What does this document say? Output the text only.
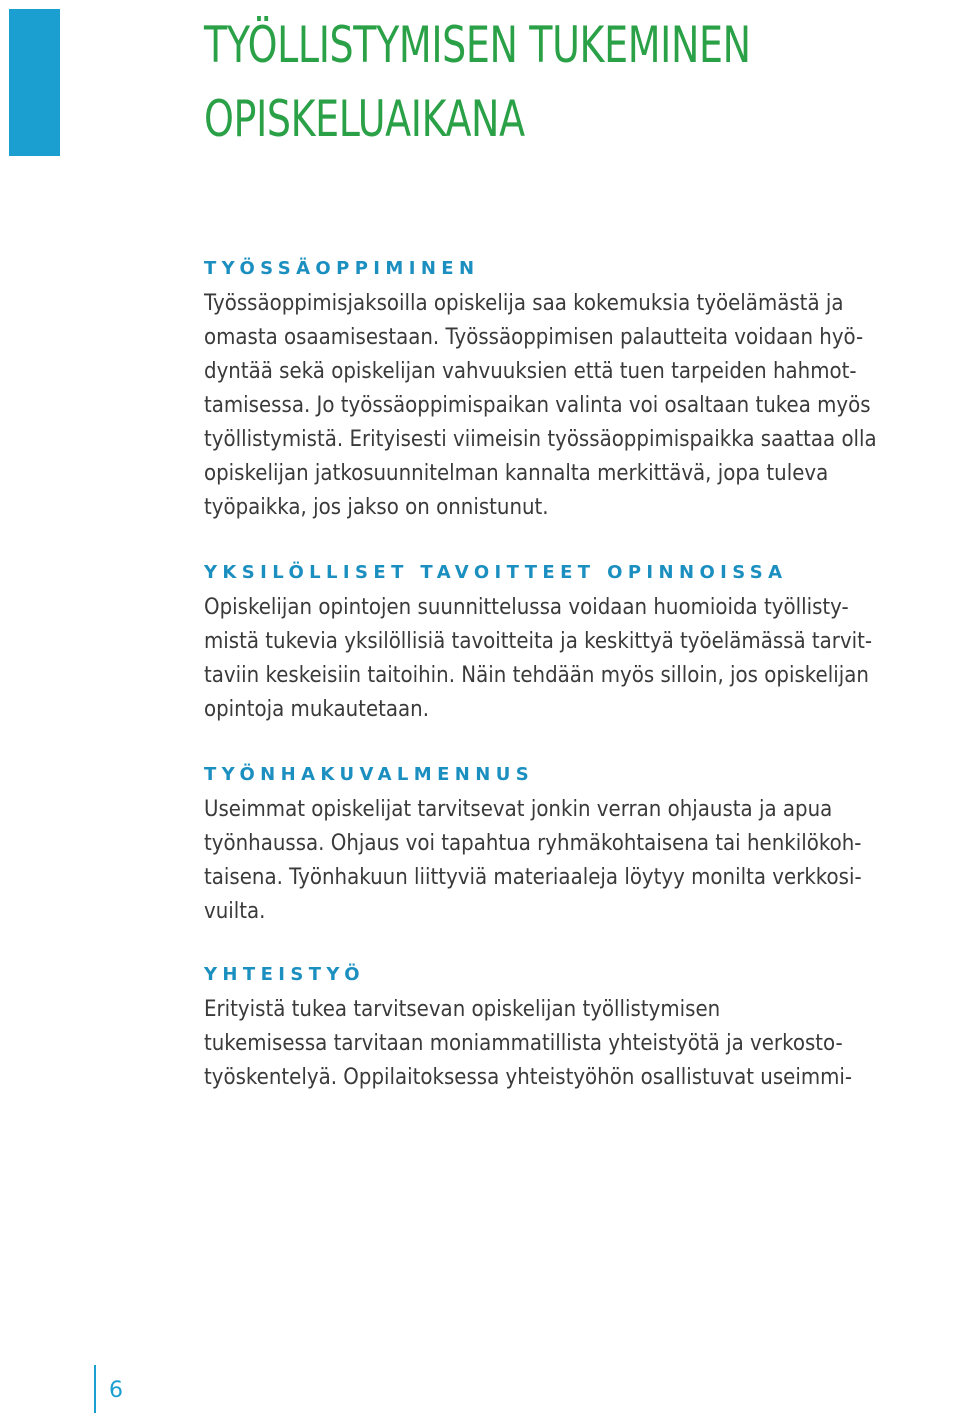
TYÖLLISTYMISEN TUKEMINEN
OPISKELUAIKANA
TYÖSSÄOPPIMINEN

Työssäoppimisjaksoilla opiskelija saa kokemuksia työelämästä ja
omasta osaamisestaan. Työssäoppimisen palautteita voidaan hyö-
dyntää sekä opiskelijan vahvuuksien että tuen tarpeiden hahmot-
tamisessa. Jo työssäoppimispaikan valinta voi osaltaan tukea myös
työllistymistä. Erityisesti viimeisin työssäoppimispaikka saattaa olla
opiskelijan jatkosuunnitelman kannalta merkittävä, jopa tuleva
työpaikka, jos jakso on onnistunut.

YKSILÖLLISET TAVOITTEET OPINNOISSA

Opiskelijan opintojen suunnittelussa voidaan huomioida työllisty-
mistä tukevia yksilöllisiä tavoitteita ja keskittyä työelämässä tarvit-
taviin keskeisiin taitoihin. Näin tehdään myös silloin, jos opiskelijan
opintoja mukautetaan.

TYÖNHAKUVALMENNUS

Useimmat opiskelijat tarvitsevat jonkin verran ohjausta ja apua
työnhaussa. Ohjaus voi tapahtua ryhmäkohtaisena tai henkilökoh-
taisena. Työnhakuun liittyviä materiaaleja löytyy monilta verkkosi-
vuilta.

YHTEISTYÖ

Erityistä tukea tarvitsevan opiskelijan työllistymisen
tukemisessa tarvitaan moniammatillista yhteistyötä ja verkosto-
työskentelyä. Oppilaitoksessa yhteistyöhön osallistuvat useimmi-

6
